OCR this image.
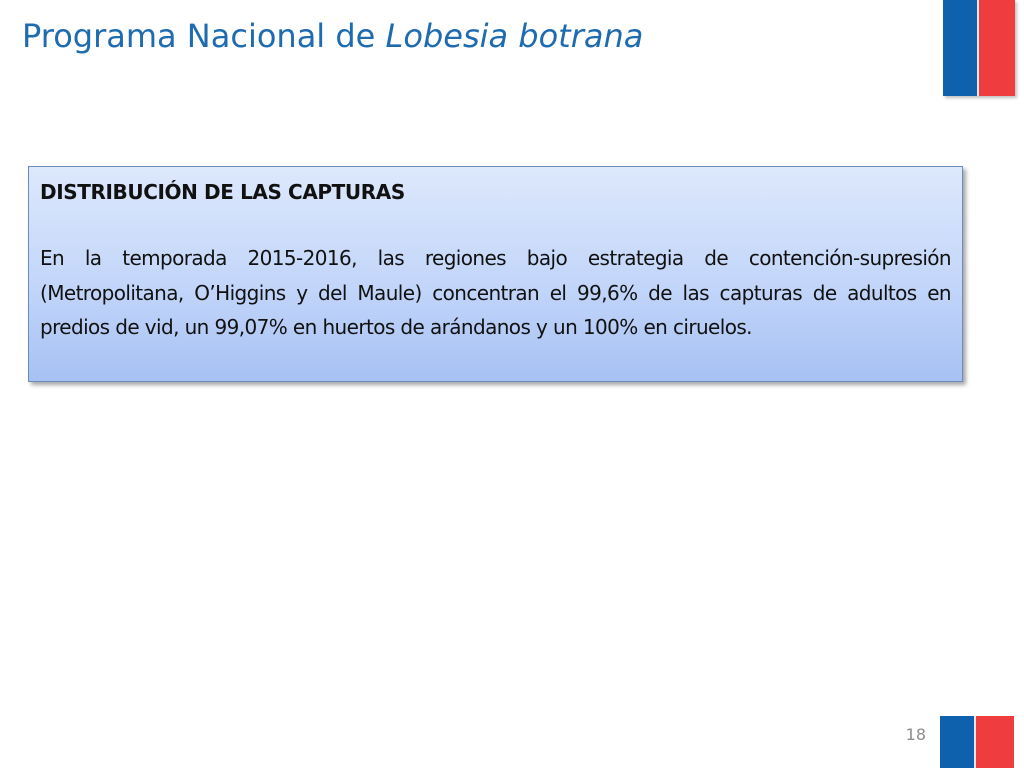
Programa Nacional de Lobesia botrana

DISTRIBUCIÓN DE LAS CAPTURAS

En la temporada 2015-2016, las regiones bajo estrategia de contención-supresión (Metropolitana, O’Higgins y del Maule) concentran el 99,6% de las capturas de adultos en predios de vid, un 99,07% en huertos de arándanos y un 100% en ciruelos.

18
